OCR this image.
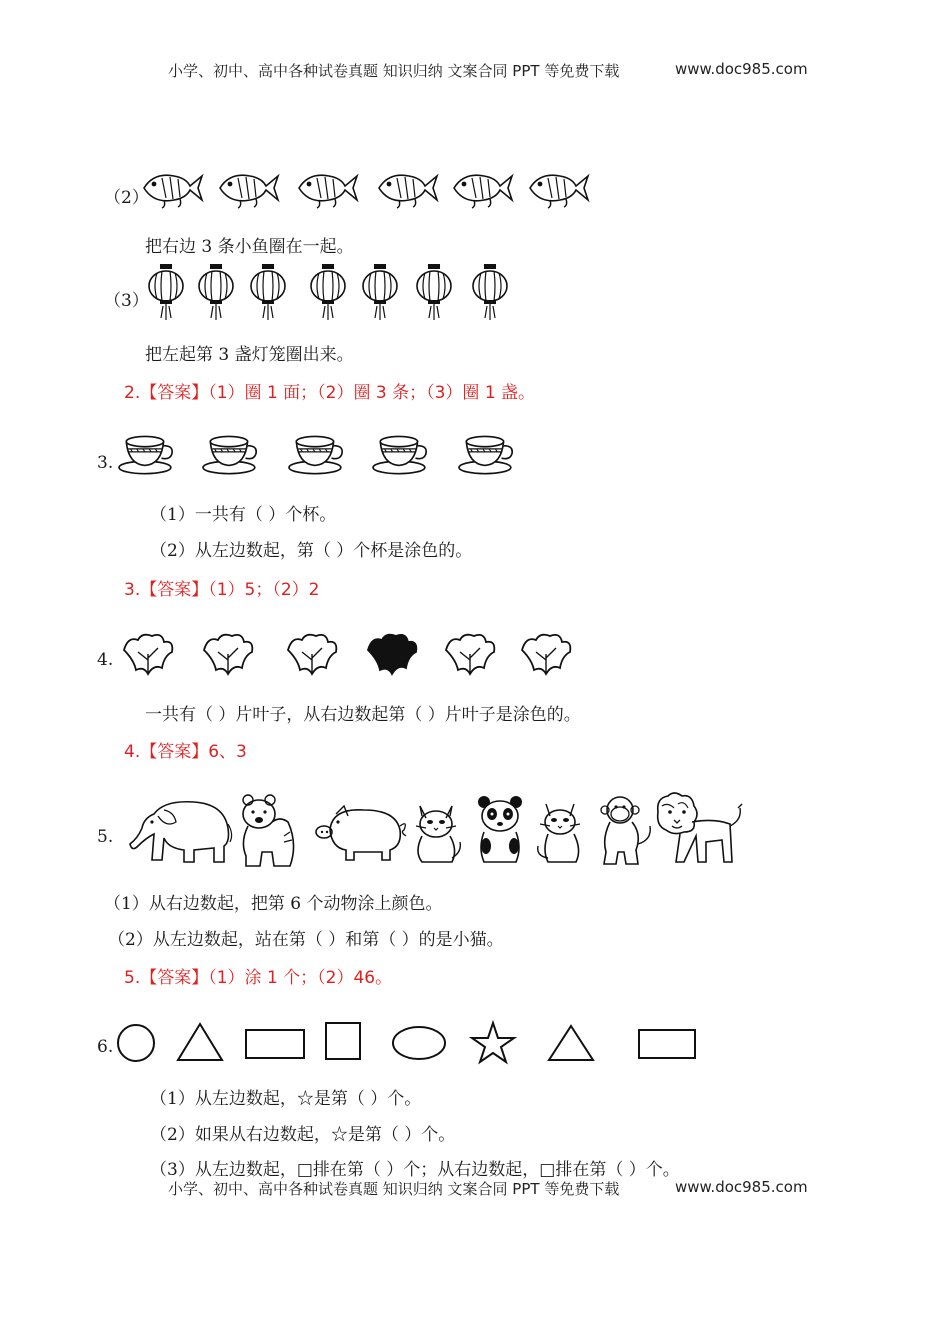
小学、初中、高中各种试卷真题 知识归纳 文案合同 PPT 等免费下载	www.doc985.com
（2）
把右边 3 条小鱼圈在一起。
（3）
把左起第 3 盏灯笼圈出来。
2.【答案】（1）圈 1 面；（2）圈 3 条；（3）圈 1 盏。
3.
（1）一共有（ ）个杯。
（2）从左边数起，第（ ）个杯是涂色的。
3.【答案】（1）5；（2）2
4.
一共有（ ）片叶子，从右边数起第（ ）片叶子是涂色的。
4.【答案】6、3
5.
（1）从右边数起，把第 6 个动物涂上颜色。
（2）从左边数起，站在第（ ）和第（ ）的是小猫。
5.【答案】（1）涂 1 个；（2）46。
6.
（1）从左边数起，☆是第（ ）个。
（2）如果从右边数起，☆是第（ ）个。
（3）从左边数起，□排在第（ ）个；从右边数起，□排在第（ ）个。
小学、初中、高中各种试卷真题 知识归纳 文案合同 PPT 等免费下载	www.doc985.com
